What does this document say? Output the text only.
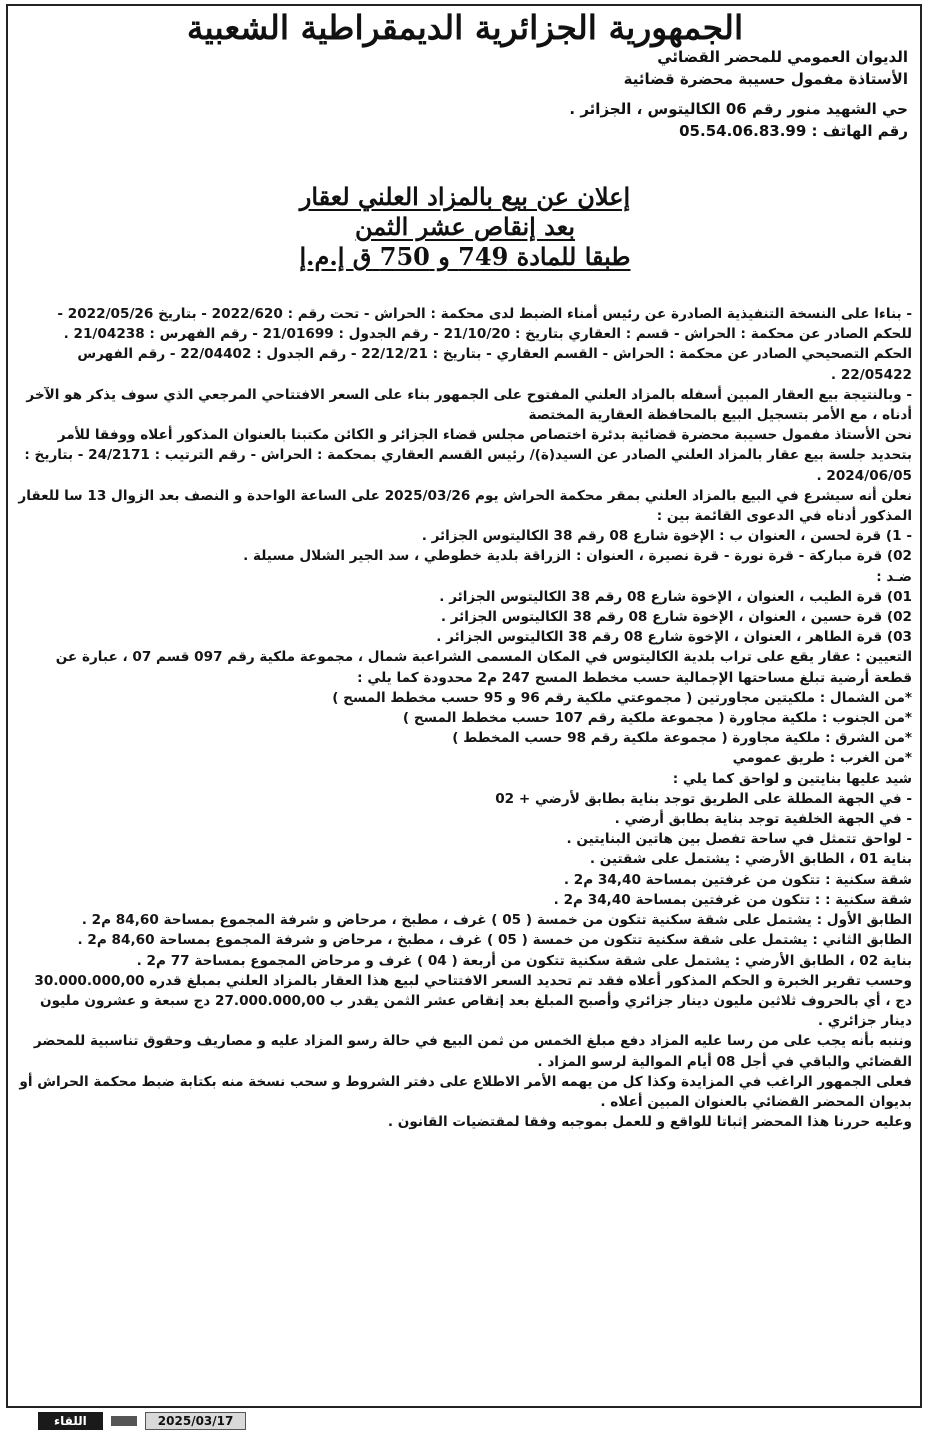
الجمهورية الجزائرية الديمقراطية الشعبية
الديوان العمومي للمحضر القضائي
الأستاذة مفمول حسيبة محضرة قضائية
حي الشهيد منور رقم 06 الكاليتوس ، الجزائر .
رقم الهاتف : 05.54.06.83.99
إعلان عن بيع بالمزاد العلني لعقار
بعد إنقاص عشر الثمن
طبقا للمادة 749 و 750 ق إ.م.إ

- بناءا على النسخة التنفيذية الصادرة عن رئيس أمناء الضبط لدى محكمة : الحراش - تحت رقم : 2022/620 - بتاريخ 2022/05/26 - للحكم الصادر عن محكمة : الحراش - قسم : العقاري بتاريخ : 21/10/20 - رقم الجدول : 21/01699 - رقم الفهرس : 21/04238 .

الحكم التصحيحي الصادر عن محكمة : الحراش - القسم العقاري - بتاريخ : 22/12/21 - رقم الجدول : 22/04402 - رقم الفهرس 22/05422 .

- وبالنتيجة بيع العقار المبين أسفله بالمزاد العلني المفتوح على الجمهور بناء على السعر الافتتاحي المرجعي الذي سوف يذكر هو الآخر أدناه ، مع الأمر بتسجيل البيع بالمحافظة العقارية المختصة

نحن الأستاذ مفمول حسيبة محضرة قضائية بدئرة اختصاص مجلس قضاء الجزائر و الكائن مكتبنا بالعنوان المذكور أعلاه ووفقا للأمر بتحديد جلسة بيع عقار بالمزاد العلني الصادر عن السيد(ة)/ رئيس القسم العقاري بمحكمة : الحراش - رقم الترتيب : 24/2171 - بتاريخ : 2024/06/05 .

نعلن أنه سيشرع في البيع بالمزاد العلني بمقر محكمة الحراش يوم 2025/03/26 على الساعة الواحدة و النصف بعد الزوال 13 سا للعقار المذكور أدناه في الدعوى القائمة بين :

- 1) قرة لحسن ، العنوان ب : الإخوة شارع 08 رقم 38 الكاليتوس الجزائر .

02) قرة مباركة - قرة نورة - قرة نصيرة ، العنوان : الزراقة بلدية خطوطي ، سد الجير الشلال مسيلة .

ضـد :

01) قرة الطيب ، العنوان ، الإخوة شارع 08 رقم 38 الكاليتوس الجزائر .

02) قرة حسين ، العنوان ، الإخوة شارع 08 رقم 38 الكاليتوس الجزائر .

03) قرة الطاهر ، العنوان ، الإخوة شارع 08 رقم 38 الكاليتوس الجزائر .

التعيين : عقار يقع على تراب بلدية الكاليتوس في المكان المسمى الشراعبة شمال ، مجموعة ملكية رقم 097 قسم 07 ، عبارة عن قطعة أرضية تبلغ مساحتها الإجمالية حسب مخطط المسح 247 م2 محدودة كما يلي :

*من الشمال : ملكيتين مجاورتين ( مجموعتي ملكية رقم 96 و 95 حسب مخطط المسح )

*من الجنوب : ملكية مجاورة ( مجموعة ملكية رقم 107 حسب مخطط المسح )

*من الشرق : ملكية مجاورة ( مجموعة ملكية رقم 98 حسب المخطط )

*من الغرب : طريق عمومي

شيد عليها بنايتين و لواحق كما يلي :

- في الجهة المطلة على الطريق توجد بناية بطابق لأرضي + 02

- في الجهة الخلفية توجد بناية بطابق أرضي .

- لواحق تتمثل في ساحة تفصل بين هاتين البنايتين .

بناية 01 ، الطابق الأرضي : يشتمل على شقتين .

شقة سكنية : تتكون من غرفتين بمساحة 34,40 م2 .

شقة سكنية : : تتكون من غرفتين بمساحة 34,40 م2 .

الطابق الأول : يشتمل على شقة سكنية تتكون من خمسة ( 05 ) غرف ، مطبخ ، مرحاض و شرفة المجموع بمساحة 84,60 م2 .

الطابق الثاني : يشتمل على شقة سكنية تتكون من خمسة ( 05 ) غرف ، مطبخ ، مرحاض و شرفة المجموع بمساحة 84,60 م2 .

بناية 02 ، الطابق الأرضي : يشتمل على شقة سكنية تتكون من أربعة ( 04 ) غرف و مرحاض المجموع بمساحة 77 م2 .

وحسب تقرير الخبرة و الحكم المذكور أعلاه فقد تم تحديد السعر الافتتاحي لبيع هذا العقار بالمزاد العلني بمبلغ قدره 30.000.000,00 دج ، أي بالحروف ثلاثين مليون دينار جزائري وأصبح المبلغ بعد إنقاص عشر الثمن يقدر ب 27.000.000,00 دج سبعة و عشرون مليون دينار جزائري .

وننبه بأنه يجب على من رسا عليه المزاد دفع مبلغ الخمس من ثمن البيع في حالة رسو المزاد عليه و مصاريف وحقوق تناسبية للمحضر القضائي والباقي في أجل 08 أيام الموالية لرسو المزاد .

فعلى الجمهور الراغب في المزايدة وكذا كل من يهمه الأمر الاطلاع على دفتر الشروط و سحب نسخة منه بكتابة ضبط محكمة الحراش أو بديوان المحضر القضائي بالعنوان المبين أعلاه .

وعليه حررنا هذا المحضر إثباتا للواقع و للعمل بموجبه وفقا لمقتضيات القانون .

اللقاء	2025/03/17
